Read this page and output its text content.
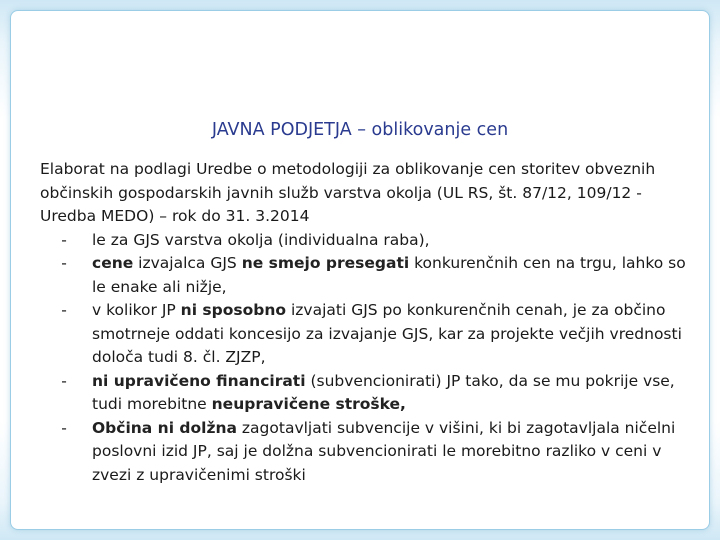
JAVNA PODJETJA – oblikovanje cen

Elaborat na podlagi Uredbe o metodologiji za oblikovanje cen storitev obveznih občinskih gospodarskih javnih služb varstva okolja (UL RS, št. 87/12, 109/12 - Uredba MEDO) – rok do 31. 3.2014

- le za GJS varstva okolja (individualna raba),
- cene izvajalca GJS ne smejo presegati konkurenčnih cen na trgu, lahko so le enake ali nižje,
- v kolikor JP ni sposobno izvajati GJS po konkurenčnih cenah, je za občino smotrneje oddati koncesijo za izvajanje GJS, kar za projekte večjih vrednosti določa tudi 8. čl. ZJZP,
- ni upravičeno financirati (subvencionirati) JP tako, da se mu pokrije vse, tudi morebitne neupravičene stroške,
- Občina ni dolžna zagotavljati subvencije v višini, ki bi zagotavljala ničelni poslovni izid JP, saj je dolžna subvencionirati le morebitno razliko v ceni v zvezi z upravičenimi stroški
